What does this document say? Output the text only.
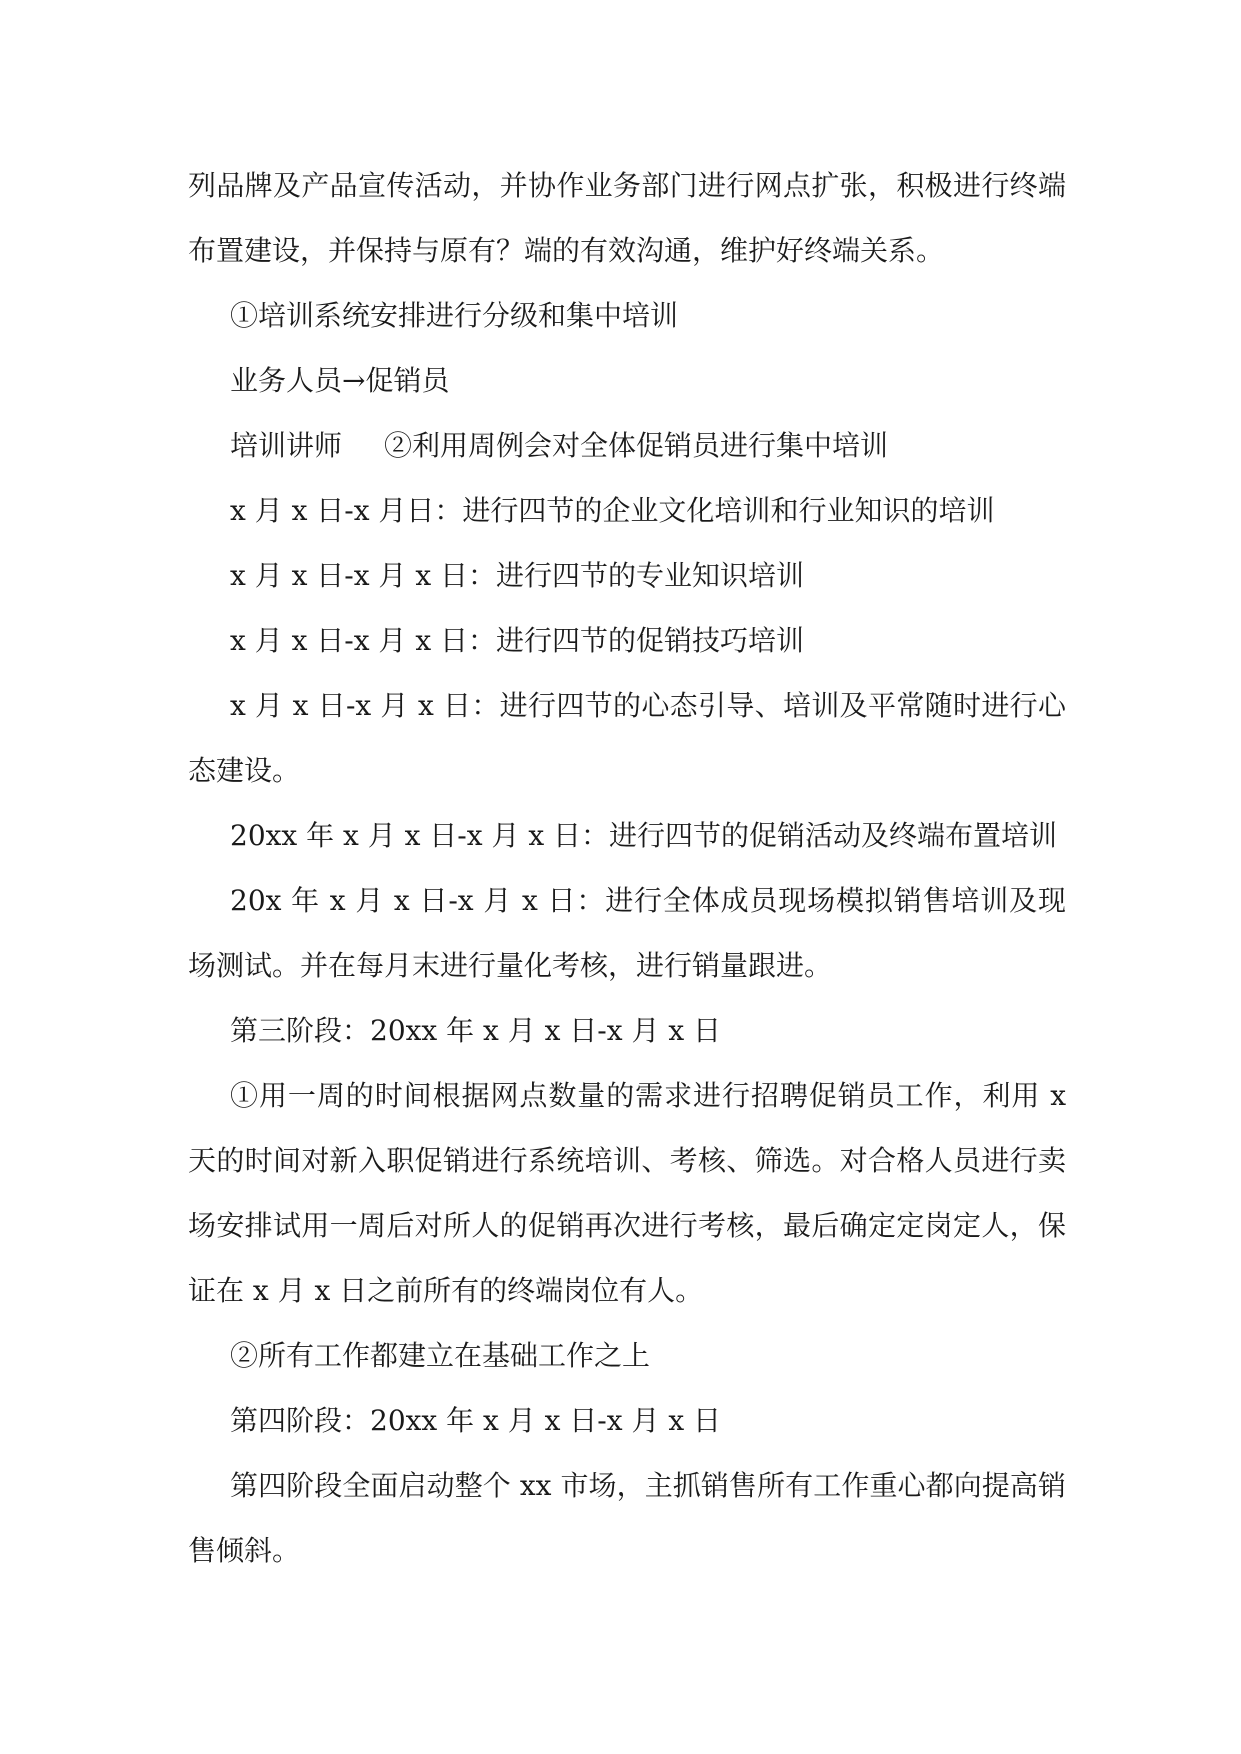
列品牌及产品宣传活动，并协作业务部门进行网点扩张，积极进行终端布置建设，并保持与原有？端的有效沟通，维护好终端关系。

①培训系统安排进行分级和集中培训

业务人员→促销员

培训讲师 ②利用周例会对全体促销员进行集中培训

x 月 x 日-x 月日：进行四节的企业文化培训和行业知识的培训

x 月 x 日-x 月 x 日：进行四节的专业知识培训

x 月 x 日-x 月 x 日：进行四节的促销技巧培训

x 月 x 日-x 月 x 日：进行四节的心态引导、培训及平常随时进行心态建设。

20xx 年 x 月 x 日-x 月 x 日：进行四节的促销活动及终端布置培训

20x 年 x 月 x 日-x 月 x 日：进行全体成员现场模拟销售培训及现场测试。并在每月末进行量化考核，进行销量跟进。

第三阶段：20xx 年 x 月 x 日-x 月 x 日

①用一周的时间根据网点数量的需求进行招聘促销员工作，利用 x 天的时间对新入职促销进行系统培训、考核、筛选。对合格人员进行卖场安排试用一周后对所人的促销再次进行考核，最后确定定岗定人，保证在 x 月 x 日之前所有的终端岗位有人。

②所有工作都建立在基础工作之上

第四阶段：20xx 年 x 月 x 日-x 月 x 日

第四阶段全面启动整个 xx 市场，主抓销售所有工作重心都向提高销售倾斜。
